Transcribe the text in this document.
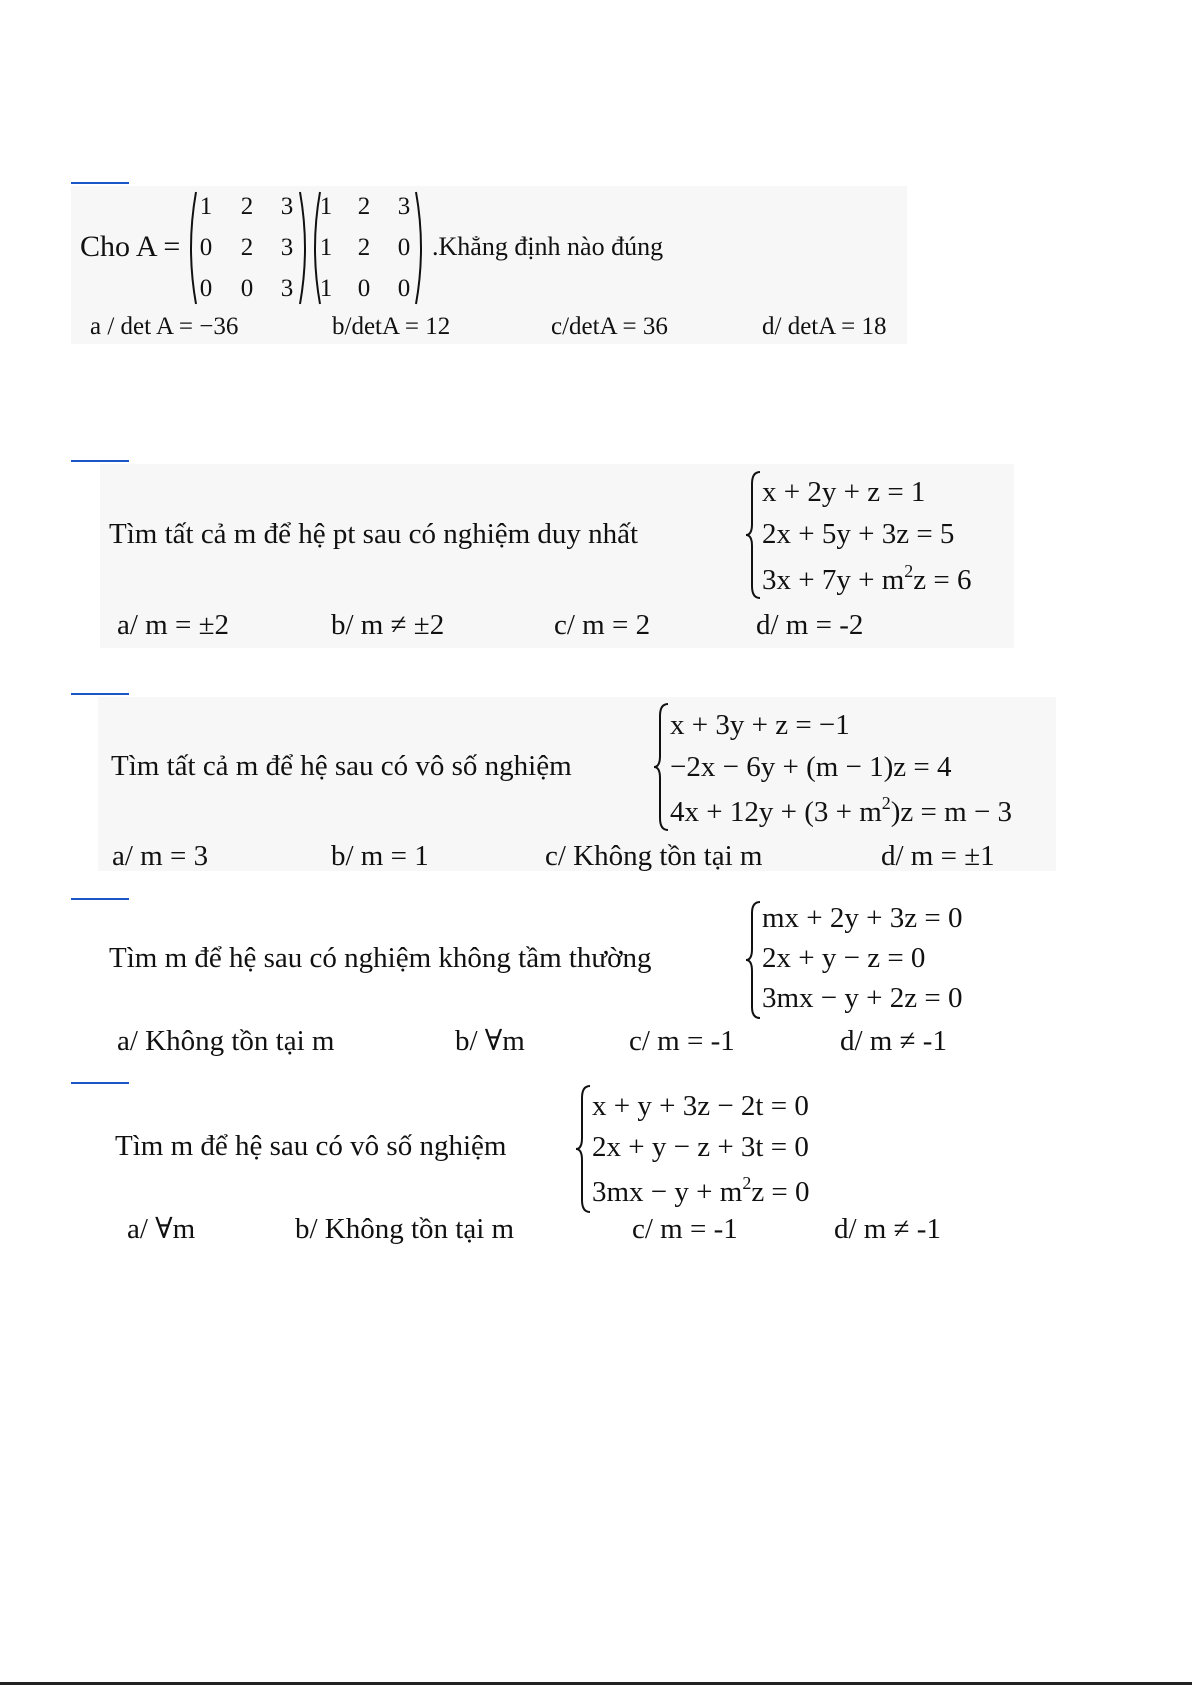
Cho A =
1 2 3
0 2 3
0 0 3
1 2 3
1 2 0
1 0 0
.Khẳng định nào đúng
a / det A = −36	b/detA = 12	c/detA = 36	d/ detA = 18
Tìm tất cả m để hệ pt sau có nghiệm duy nhất
x + 2y + z = 1
2x + 5y + 3z = 5
$3x + 7y + m^2z = 6$
a/ m = ±2	b/ m ≠ ±2	c/ m = 2	d/ m = -2
Tìm tất cả m để hệ sau có vô số nghiệm
x + 3y + z = −1
−2x − 6y + (m − 1)z = 4
$4x + 12y + (3 + m^2)z = m - 3$
a/ m = 3	b/ m = 1	c/ Không tồn tại m	d/ m = ±1
Tìm m để hệ sau có nghiệm không tầm thường
mx + 2y + 3z = 0
2x + y − z = 0
3mx − y + 2z = 0
a/ Không tồn tại m	b/ ∀m	c/ m = -1	d/ m ≠ -1
Tìm m để hệ sau có vô số nghiệm
x + y + 3z − 2t = 0
2x + y − z + 3t = 0
$3mx - y + m^2z = 0$
a/ ∀m	b/ Không tồn tại m	c/ m = -1	d/ m ≠ -1
